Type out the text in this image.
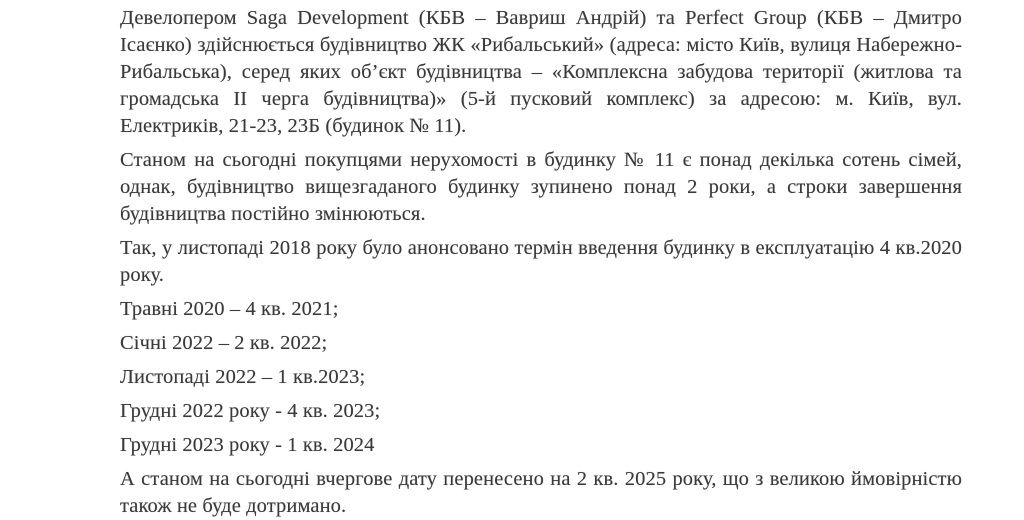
Девелопером Saga Development (КБВ – Вавриш Андрій) та Perfect Group (КБВ – Дмитро Ісаєнко) здійснюється будівництво ЖК «Рибальський» (адреса: місто Київ, вулиця Набережно-Рибальська), серед яких об’єкт будівництва – «Комплексна забудова території (житлова та громадська ІІ черга будівництва)» (5-й пусковий комплекс) за адресою: м. Київ, вул. Електриків, 21-23, 23Б (будинок № 11).

Станом на сьогодні покупцями нерухомості в будинку № 11 є понад декілька сотень сімей, однак, будівництво вищезгаданого будинку зупинено понад 2 роки, а строки завершення будівництва постійно змінюються.

Так, у листопаді 2018 року було анонсовано термін введення будинку в експлуатацію 4 кв.2020 року.

Травні 2020 – 4 кв. 2021;

Січні 2022 – 2 кв. 2022;

Листопаді 2022 – 1 кв.2023;

Грудні 2022 року - 4 кв. 2023;

Грудні 2023 року - 1 кв. 2024

А станом на сьогодні вчергове дату перенесено на 2 кв. 2025 року, що з великою ймовірністю також не буде дотримано.
